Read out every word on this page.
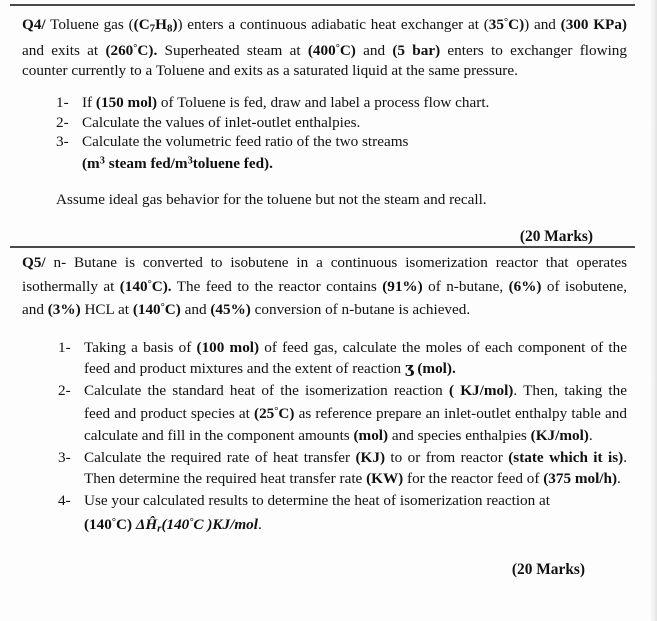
Q4/ Toluene gas $((C_7H_8))$ enters a continuous adiabatic heat exchanger at (35°C)) and (300 KPa) and exits at (260°C). Superheated steam at (400°C) and (5 bar) enters to exchanger flowing counter currently to a Toluene and exits as a saturated liquid at the same pressure.

1- If (150 mol) of Toluene is fed, draw and label a process flow chart.
2- Calculate the values of inlet-outlet enthalpies.
3- Calculate the volumetric feed ratio of the two streams
($m^3$ steam fed/$m^3toluene$ fed).
Assume ideal gas behavior for the toluene but not the steam and recall.
(20 Marks)

Q5/ n- Butane is converted to isobutene in a continuous isomerization reactor that operates isothermally at (140°C). The feed to the reactor contains (91%) of n-butane, (6%) of isobutene, and (3%) HCL at (140°C) and (45%) conversion of n-butane is achieved.

1- Taking a basis of (100 mol) of feed gas, calculate the moles of each component of the feed and product mixtures and the extent of reaction ʒ (mol).
2- Calculate the standard heat of the isomerization reaction ( KJ/mol). Then, taking the feed and product species at (25°C) as reference prepare an inlet-outlet enthalpy table and calculate and fill in the component amounts (mol) and species enthalpies (KJ/mol).
3- Calculate the required rate of heat transfer (KJ) to or from reactor (state which it is). Then determine the required heat transfer rate (KW) for the reactor feed of (375 mol/h).
4- Use your calculated results to determine the heat of isomerization reaction at
(140°C) $\Delta Ĥ_r(140^\circ C$ )KJ/mol.
(20 Marks)
